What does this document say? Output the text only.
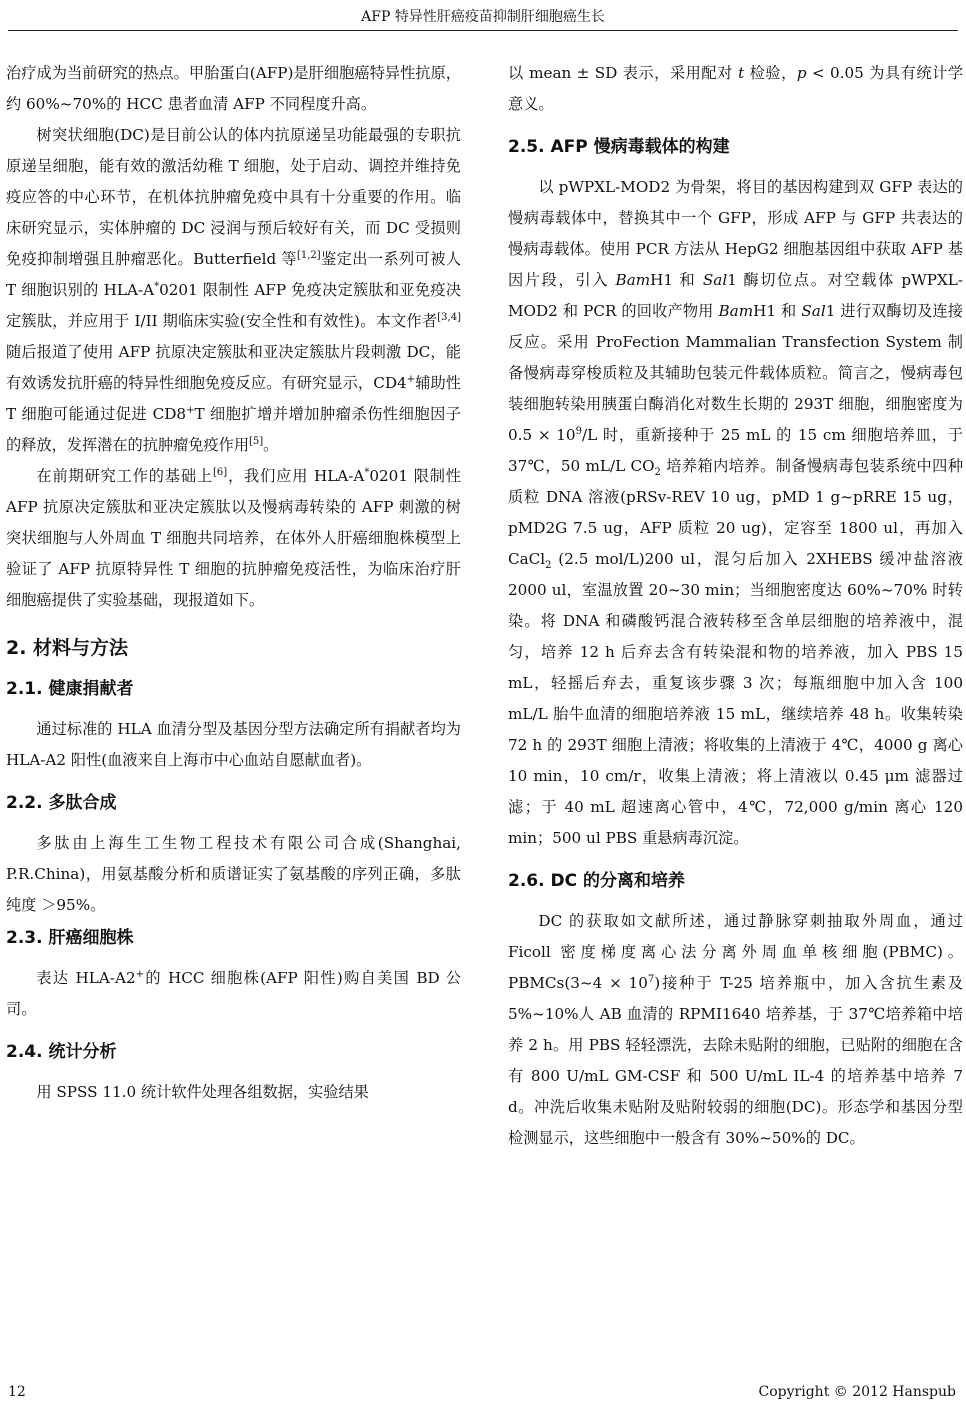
AFP 特异性肝癌疫苗抑制肝细胞癌生长

治疗成为当前研究的热点。甲胎蛋白(AFP)是肝细胞癌特异性抗原，约 60%~70%的 HCC 患者血清 AFP 不同程度升高。

树突状细胞(DC)是目前公认的体内抗原递呈功能最强的专职抗原递呈细胞，能有效的激活幼稚 T 细胞，处于启动、调控并维持免疫应答的中心环节，在机体抗肿瘤免疫中具有十分重要的作用。临床研究显示，实体肿瘤的 DC 浸润与预后较好有关，而 DC 受损则免疫抑制增强且肿瘤恶化。Butterfield 等[1,2]鉴定出一系列可被人 T 细胞识别的 HLA-A*0201 限制性 AFP 免疫决定簇肽和亚免疫决定簇肽，并应用于 I/II 期临床实验(安全性和有效性)。本文作者[3,4]随后报道了使用 AFP 抗原决定簇肽和亚决定簇肽片段刺激 DC，能有效诱发抗肝癌的特异性细胞免疫反应。有研究显示，CD4+辅助性 T 细胞可能通过促进 CD8+T 细胞扩增并增加肿瘤杀伤性细胞因子的释放，发挥潜在的抗肿瘤免疫作用[5]。

在前期研究工作的基础上[6]，我们应用 HLA-A*0201 限制性 AFP 抗原决定簇肽和亚决定簇肽以及慢病毒转染的 AFP 刺激的树突状细胞与人外周血 T 细胞共同培养，在体外人肝癌细胞株模型上验证了 AFP 抗原特异性 T 细胞的抗肿瘤免疫活性，为临床治疗肝细胞癌提供了实验基础，现报道如下。

2. 材料与方法
2.1. 健康捐献者

通过标准的 HLA 血清分型及基因分型方法确定所有捐献者均为 HLA-A2 阳性(血液来自上海市中心血站自愿献血者)。

2.2. 多肽合成

多肽由上海生工生物工程技术有限公司合成(Shanghai, P.R.China)，用氨基酸分析和质谱证实了氨基酸的序列正确，多肽纯度 ＞95%。

2.3. 肝癌细胞株

表达 HLA-A2+的 HCC 细胞株(AFP 阳性)购自美国 BD 公司。

2.4. 统计分析

用 SPSS 11.0 统计软件处理各组数据，实验结果

以 mean ± SD 表示，采用配对 t 检验，p < 0.05 为具有统计学意义。

2.5. AFP 慢病毒载体的构建

以 pWPXL-MOD2 为骨架，将目的基因构建到双 GFP 表达的慢病毒载体中，替换其中一个 GFP，形成 AFP 与 GFP 共表达的慢病毒载体。使用 PCR 方法从 HepG2 细胞基因组中获取 AFP 基因片段，引入 BamH1 和 Sal1 酶切位点。对空载体 pWPXL-MOD2 和 PCR 的回收产物用 BamH1 和 Sal1 进行双酶切及连接反应。采用 ProFection Mammalian Transfection System 制备慢病毒穿梭质粒及其辅助包装元件载体质粒。简言之，慢病毒包装细胞转染用胰蛋白酶消化对数生长期的 293T 细胞，细胞密度为 $0.5 \times 10^9/L$ 时，重新接种于 25 mL 的 15 cm 细胞培养皿，于 37℃，50 mL/L $CO_2$ 培养箱内培养。制备慢病毒包装系统中四种质粒 DNA 溶液(pRSv-REV 10 ug，pMD 1 g~pRRE 15 ug，pMD2G 7.5 ug，AFP 质粒 20 ug)，定容至 1800 ul，再加入 CaCl$_2$ (2.5 mol/L)200 ul，混匀后加入 2XHEBS 缓冲盐溶液 2000 ul，室温放置 20~30 min；当细胞密度达 60%~70% 时转染。将 DNA 和磷酸钙混合液转移至含单层细胞的培养液中，混匀，培养 12 h 后弃去含有转染混和物的培养液，加入 PBS 15 mL，轻摇后弃去，重复该步骤 3 次；每瓶细胞中加入含 100 mL/L 胎牛血清的细胞培养液 15 mL，继续培养 48 h。收集转染 72 h 的 293T 细胞上清液；将收集的上清液于 4℃，4000 g 离心 10 min，10 cm/r，收集上清液；将上清液以 0.45 μm 滤器过滤；于 40 mL 超速离心管中，4℃，72,000 g/min 离心 120 min；500 ul PBS 重悬病毒沉淀。

2.6. DC 的分离和培养

DC 的获取如文献所述，通过静脉穿刺抽取外周血，通过 Ficoll 密度梯度离心法分离外周血单核细胞(PBMC)。PBMCs(3~4 × $10^7$)接种于 T-25 培养瓶中，加入含抗生素及 5%~10%人 AB 血清的 RPMI1640 培养基，于 37℃培养箱中培养 2 h。用 PBS 轻轻漂洗，去除未贴附的细胞，已贴附的细胞在含有 800 U/mL GM-CSF 和 500 U/mL IL-4 的培养基中培养 7 d。冲洗后收集未贴附及贴附较弱的细胞(DC)。形态学和基因分型检测显示，这些细胞中一般含有 30%~50%的 DC。

12	Copyright © 2012 Hanspub
